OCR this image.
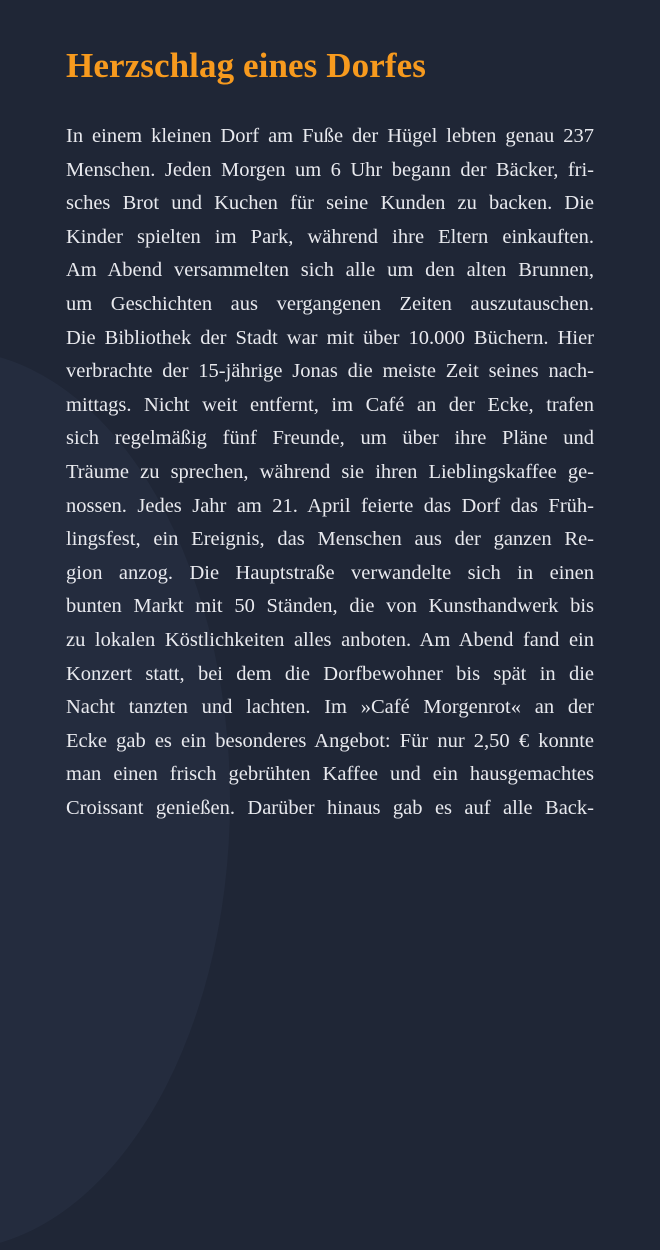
Herzschlag eines Dorfes
In einem kleinen Dorf am Fuße der Hügel lebten genau 237
Menschen. Jeden Morgen um 6 Uhr begann der Bäcker, fri-
sches Brot und Kuchen für seine Kunden zu backen. Die
Kinder spielten im Park, während ihre Eltern einkauften.
Am Abend versammelten sich alle um den alten Brunnen,
um Geschichten aus vergangenen Zeiten auszutauschen.
Die Bibliothek der Stadt war mit über 10.000 Büchern. Hier
verbrachte der 15-jährige Jonas die meiste Zeit seines nach-
mittags. Nicht weit entfernt, im Café an der Ecke, trafen
sich regelmäßig fünf Freunde, um über ihre Pläne und
Träume zu sprechen, während sie ihren Lieblingskaffee ge-
nossen. Jedes Jahr am 21. April feierte das Dorf das Früh-
lingsfest, ein Ereignis, das Menschen aus der ganzen Re-
gion anzog. Die Hauptstraße verwandelte sich in einen
bunten Markt mit 50 Ständen, die von Kunsthandwerk bis
zu lokalen Köstlichkeiten alles anboten. Am Abend fand ein
Konzert statt, bei dem die Dorfbewohner bis spät in die
Nacht tanzten und lachten. Im »Café Morgenrot« an der
Ecke gab es ein besonderes Angebot: Für nur 2,50 € konnte
man einen frisch gebrühten Kaffee und ein hausgemachtes
Croissant genießen. Darüber hinaus gab es auf alle Back-
